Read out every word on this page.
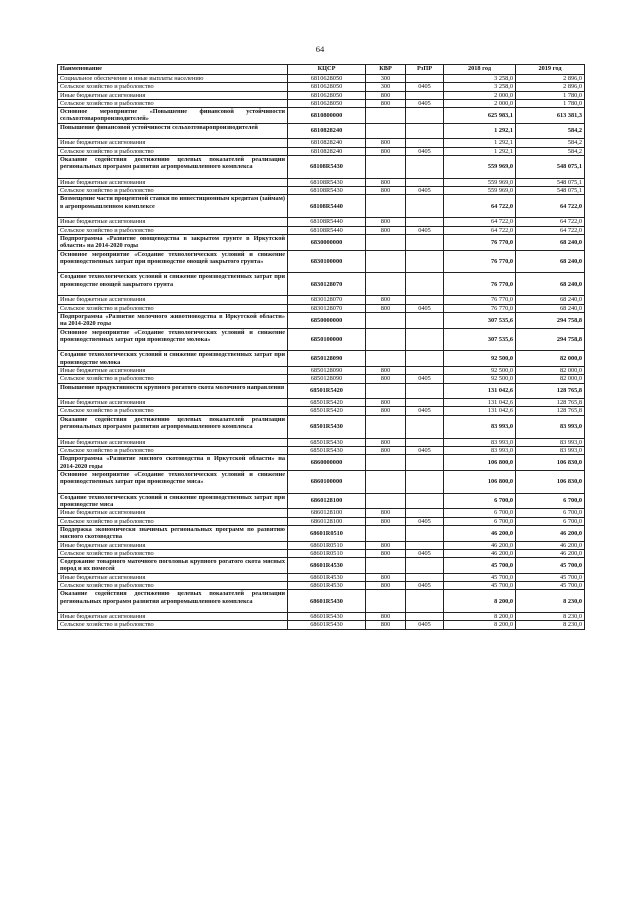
64
Наименование	КЦСР	КВР	РзПР	2018 год	2019 год
Социальное обеспечение и иные выплаты населению	6810628050	300		3 258,0	2 896,0
Сельское хозяйство и рыболовство	6810628050	300	0405	3 258,0	2 896,0
Иные бюджетные ассигнования	6810628050	800		2 000,0	1 780,0
Сельское хозяйство и рыболовство	6810628050	800	0405	2 000,0	1 780,0
Основное мероприятие «Повышение финансовой устойчивости сельхозтоваропроизводителей»	6810800000			625 983,1	613 381,3
Повышение финансовой устойчивости сельхозтоваропроизводителей	6810828240			1 292,1	584,2
Иные бюджетные ассигнования	6810828240	800		1 292,1	584,2
Сельское хозяйство и рыболовство	6810828240	800	0405	1 292,1	584,2
Оказание содействия достижению целевых показателей реализации региональных программ развития агропромышленного комплекса	68108R5430			559 969,0	548 075,1
Иные бюджетные ассигнования	68108R5430	800		559 969,0	548 075,1
Сельское хозяйство и рыболовство	68108R5430	800	0405	559 969,0	548 075,1
Возмещение части процентной ставки по инвестиционным кредитам (займам) в агропромышленном комплексе	68108R5440			64 722,0	64 722,0
Иные бюджетные ассигнования	68108R5440	800		64 722,0	64 722,0
Сельское хозяйство и рыболовство	68108R5440	800	0405	64 722,0	64 722,0
Подпрограмма «Развитие овощеводства в закрытом грунте в Иркутской области» на 2014-2020 годы	6830000000			76 770,0	68 240,0
Основное мероприятие «Создание технологических условий и снижение производственных затрат при производстве овощей закрытого грунта»	6830100000			76 770,0	68 240,0
Создание технологических условий и снижение производственных затрат при производстве овощей закрытого грунта	6830128070			76 770,0	68 240,0
Иные бюджетные ассигнования	6830128070	800		76 770,0	68 240,0
Сельское хозяйство и рыболовство	6830128070	800	0405	76 770,0	68 240,0
Подпрограмма «Развитие молочного животноводства в Иркутской области» на 2014-2020 годы	6850000000			307 535,6	294 758,8
Основное мероприятие «Создание технологических условий и снижение производственных затрат при производстве молока»	6850100000			307 535,6	294 758,8
Создание технологических условий и снижение производственных затрат при производстве молока	6850128090			92 500,0	82 000,0
Иные бюджетные ассигнования	6850128090	800		92 500,0	82 000,0
Сельское хозяйство и рыболовство	6850128090	800	0405	92 500,0	82 000,0
Повышение продуктивности крупного рогатого скота молочного направления	68501R5420			131 042,6	128 765,8
Иные бюджетные ассигнования	68501R5420	800		131 042,6	128 765,8
Сельское хозяйство и рыболовство	68501R5420	800	0405	131 042,6	128 765,8
Оказание содействия достижению целевых показателей реализации региональных программ развития агропромышленного комплекса	68501R5430			83 993,0	83 993,0
Иные бюджетные ассигнования	68501R5430	800		83 993,0	83 993,0
Сельское хозяйство и рыболовство	68501R5430	800	0405	83 993,0	83 993,0
Подпрограмма «Развитие мясного скотоводства в Иркутской области» на 2014-2020 годы	6860000000			106 800,0	106 830,0
Основное мероприятие «Создание технологических условий и снижение производственных затрат при производстве мяса»	6860100000			106 800,0	106 830,0
Создание технологических условий и снижение производственных затрат при производстве мяса	6860128100			6 700,0	6 700,0
Иные бюджетные ассигнования	6860128100	800		6 700,0	6 700,0
Сельское хозяйство и рыболовство	6860128100	800	0405	6 700,0	6 700,0
Поддержка экономически значимых региональных программ по развитию мясного скотоводства	68601R0510			46 200,0	46 200,0
Иные бюджетные ассигнования	68601R0510	800		46 200,0	46 200,0
Сельское хозяйство и рыболовство	68601R0510	800	0405	46 200,0	46 200,0
Содержание товарного маточного поголовья крупного рогатого скота мясных пород и их помесей	68601R4530			45 700,0	45 700,0
Иные бюджетные ассигнования	68601R4530	800		45 700,0	45 700,0
Сельское хозяйство и рыболовство	68601R4530	800	0405	45 700,0	45 700,0
Оказание содействия достижению целевых показателей реализации региональных программ развития агропромышленного комплекса	68601R5430			8 200,0	8 230,0
Иные бюджетные ассигнования	68601R5430	800		8 200,0	8 230,0
Сельское хозяйство и рыболовство	68601R5430	800	0405	8 200,0	8 230,0
